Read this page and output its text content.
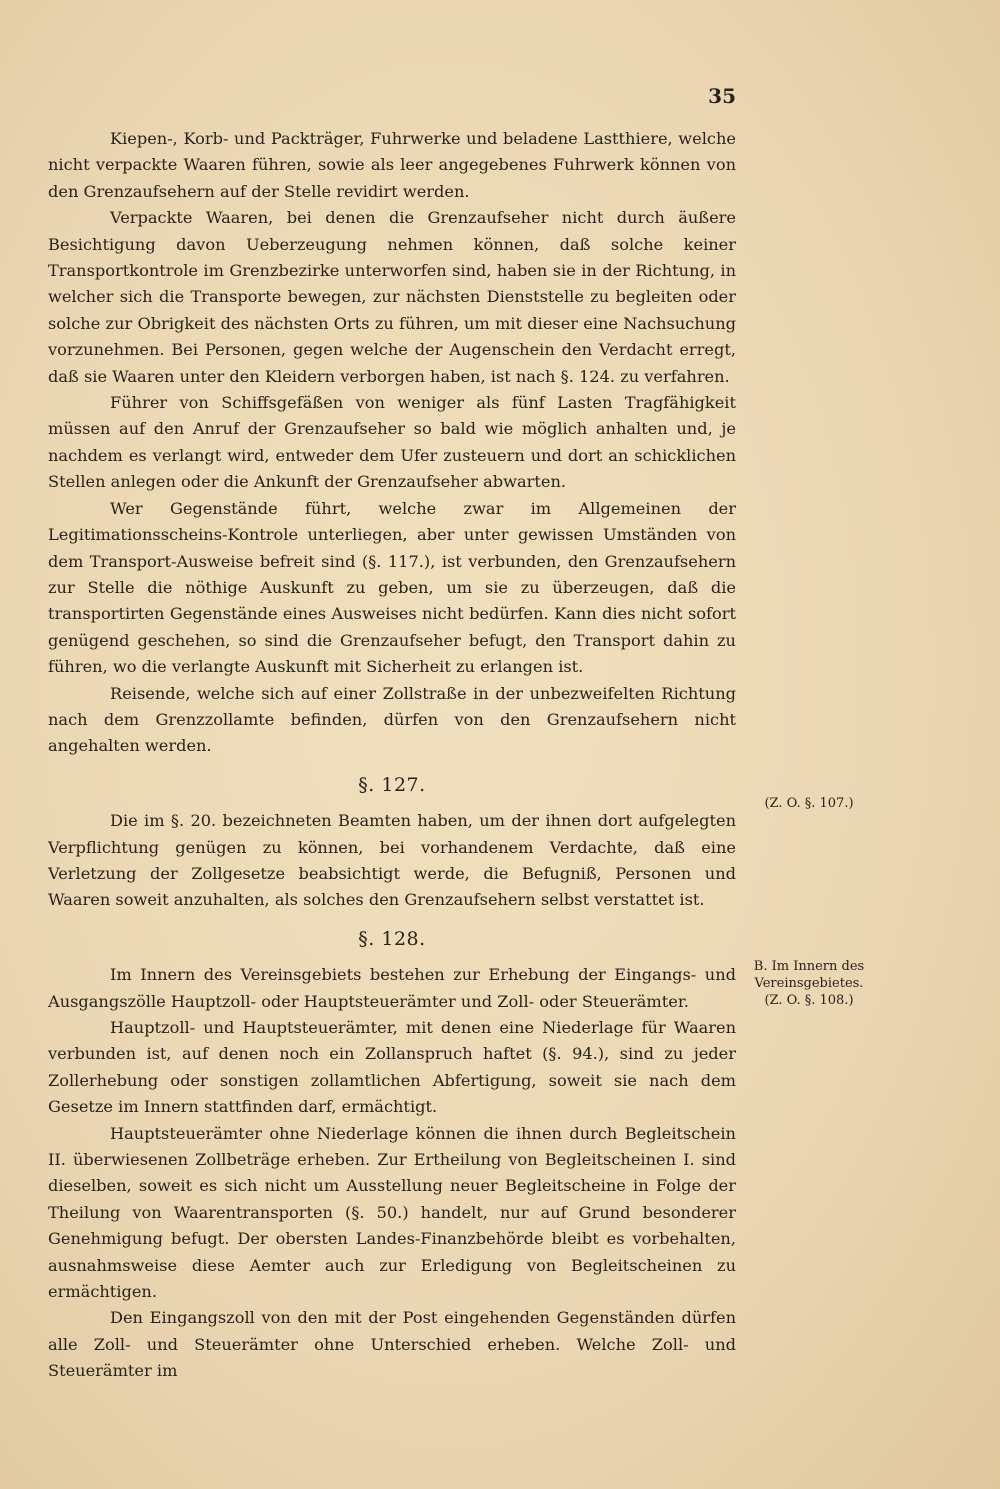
35

Kiepen-, Korb- und Packträger, Fuhrwerke und beladene Lastthiere, welche nicht verpackte Waaren führen, sowie als leer angegebenes Fuhrwerk können von den Grenzaufsehern auf der Stelle revidirt werden.

Verpackte Waaren, bei denen die Grenzaufseher nicht durch äußere Besichtigung davon Ueberzeugung nehmen können, daß solche keiner Transportkontrole im Grenzbezirke unterworfen sind, haben sie in der Richtung, in welcher sich die Transporte bewegen, zur nächsten Dienststelle zu begleiten oder solche zur Obrigkeit des nächsten Orts zu führen, um mit dieser eine Nachsuchung vorzunehmen. Bei Personen, gegen welche der Augenschein den Verdacht erregt, daß sie Waaren unter den Kleidern verborgen haben, ist nach §. 124. zu verfahren.

Führer von Schiffsgefäßen von weniger als fünf Lasten Tragfähigkeit müssen auf den Anruf der Grenzaufseher so bald wie möglich anhalten und, je nachdem es verlangt wird, entweder dem Ufer zusteuern und dort an schicklichen Stellen anlegen oder die Ankunft der Grenzaufseher abwarten.

Wer Gegenstände führt, welche zwar im Allgemeinen der Legitimationsscheins-Kontrole unterliegen, aber unter gewissen Umständen von dem Transport-Ausweise befreit sind (§. 117.), ist verbunden, den Grenzaufsehern zur Stelle die nöthige Auskunft zu geben, um sie zu überzeugen, daß die transportirten Gegenstände eines Ausweises nicht bedürfen. Kann dies nicht sofort genügend geschehen, so sind die Grenzaufseher befugt, den Transport dahin zu führen, wo die verlangte Auskunft mit Sicherheit zu erlangen ist.

Reisende, welche sich auf einer Zollstraße in der unbezweifelten Richtung nach dem Grenzzollamte befinden, dürfen von den Grenzaufsehern nicht angehalten werden.

§. 127.

Die im §. 20. bezeichneten Beamten haben, um der ihnen dort aufgelegten Verpflichtung genügen zu können, bei vorhandenem Verdachte, daß eine Verletzung der Zollgesetze beabsichtigt werde, die Befugniß, Personen und Waaren soweit anzuhalten, als solches den Grenzaufsehern selbst verstattet ist.

§. 128.

Im Innern des Vereinsgebiets bestehen zur Erhebung der Eingangs- und Ausgangszölle Hauptzoll- oder Hauptsteuerämter und Zoll- oder Steuerämter.

Hauptzoll- und Hauptsteuerämter, mit denen eine Niederlage für Waaren verbunden ist, auf denen noch ein Zollanspruch haftet (§. 94.), sind zu jeder Zollerhebung oder sonstigen zollamtlichen Abfertigung, soweit sie nach dem Gesetze im Innern stattfinden darf, ermächtigt.

Hauptsteuerämter ohne Niederlage können die ihnen durch Begleitschein II. überwiesenen Zollbeträge erheben. Zur Ertheilung von Begleitscheinen I. sind dieselben, soweit es sich nicht um Ausstellung neuer Begleitscheine in Folge der Theilung von Waarentransporten (§. 50.) handelt, nur auf Grund besonderer Genehmigung befugt. Der obersten Landes-Finanzbehörde bleibt es vorbehalten, ausnahmsweise diese Aemter auch zur Erledigung von Begleitscheinen zu ermächtigen.

Den Eingangszoll von den mit der Post eingehenden Gegenständen dürfen alle Zoll- und Steuerämter ohne Unterschied erheben. Welche Zoll- und Steuerämter im

(Z. O. §. 107.)
B. Im Innern des
Vereinsgebietes.
(Z. O. §. 108.)
